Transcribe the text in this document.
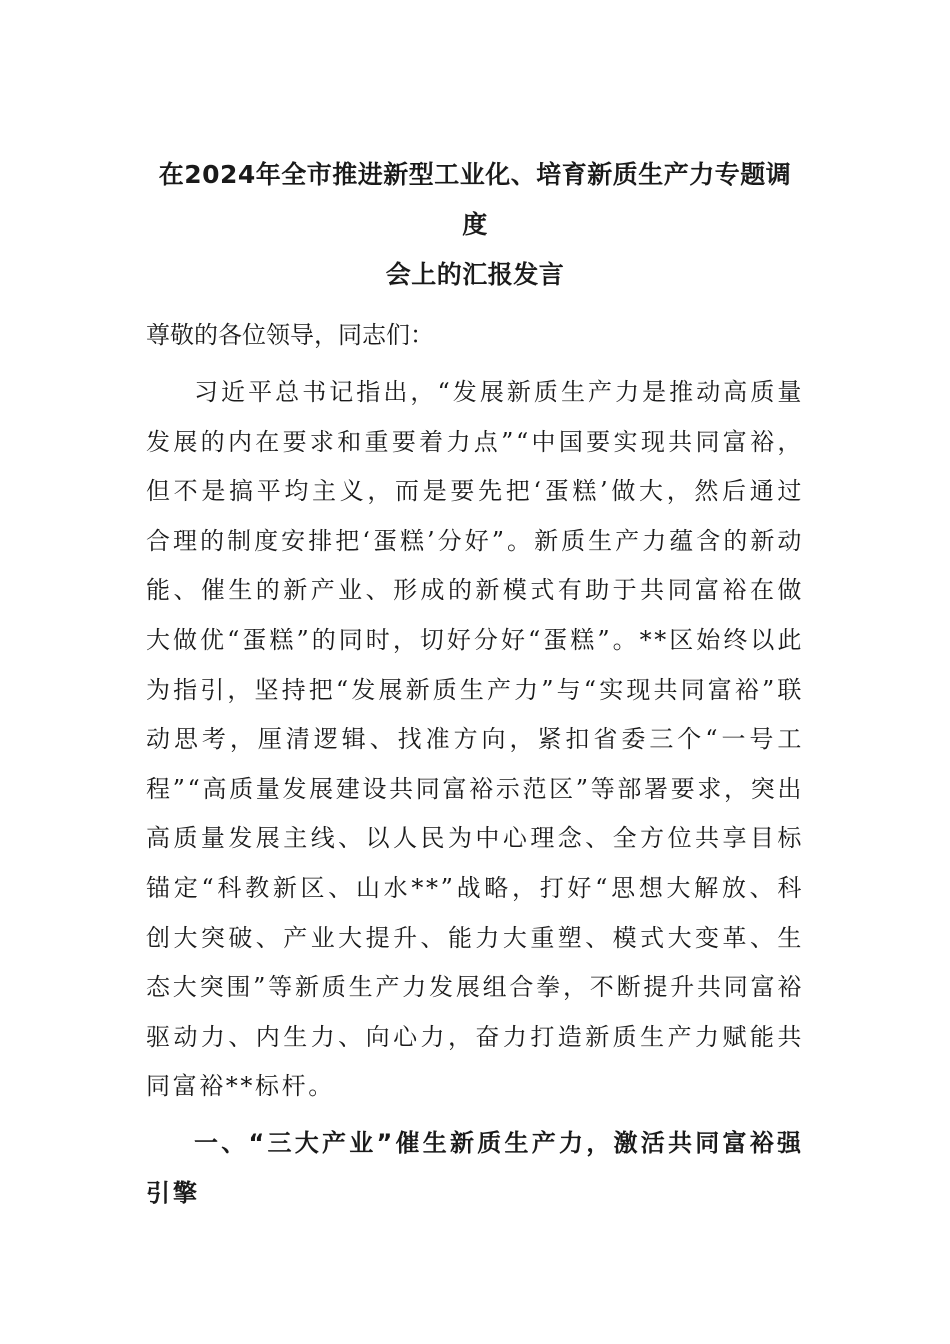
在2024年全市推进新型工业化、培育新质生产力专题调度
会上的汇报发言

尊敬的各位领导，同志们：

习近平总书记指出，“发展新质生产力是推动高质量发展的内在要求和重要着力点”“中国要实现共同富裕，但不是搞平均主义，而是要先把‘蛋糕’做大，然后通过合理的制度安排把‘蛋糕’分好”。新质生产力蕴含的新动能、催生的新产业、形成的新模式有助于共同富裕在做大做优“蛋糕”的同时，切好分好“蛋糕”。**区始终以此为指引，坚持把“发展新质生产力”与“实现共同富裕”联动思考，厘清逻辑、找准方向，紧扣省委三个“一号工程”“高质量发展建设共同富裕示范区”等部署要求，突出高质量发展主线、以人民为中心理念、全方位共享目标锚定“科教新区、山水**”战略，打好“思想大解放、科创大突破、产业大提升、能力大重塑、模式大变革、生态大突围”等新质生产力发展组合拳，不断提升共同富裕驱动力、内生力、向心力，奋力打造新质生产力赋能共同富裕**标杆。

一、“三大产业”催生新质生产力，激活共同富裕强引擎
